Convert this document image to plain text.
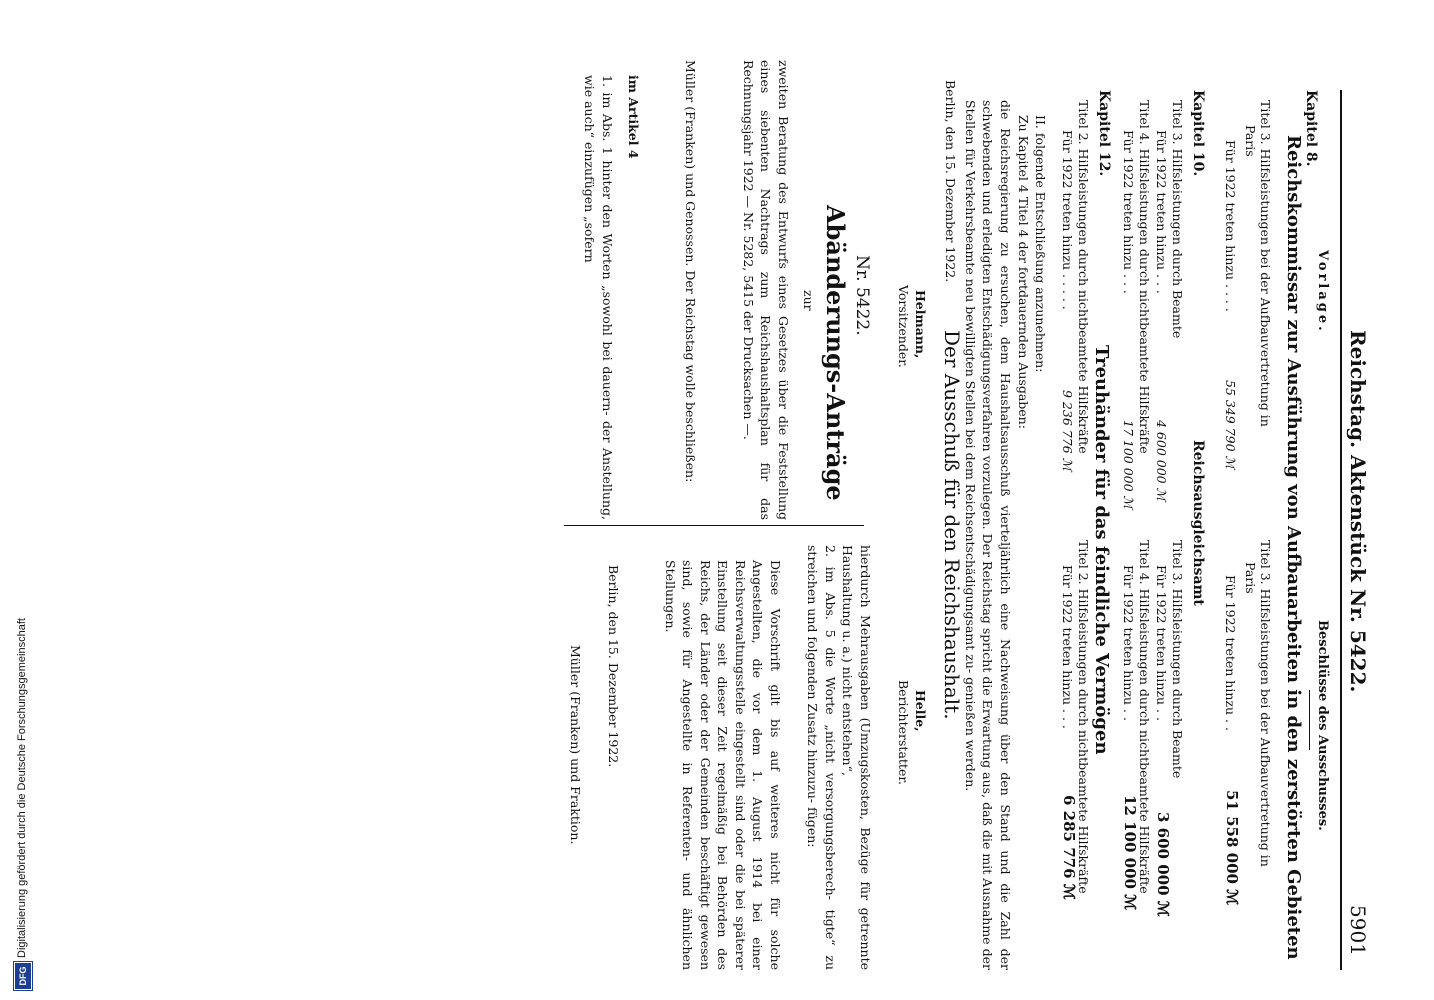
Reichstag. Aktenstück Nr. 5422.
5901
Vorlage.
Kapitel 8.
Reichskommissar zur Ausführung von Aufbauarbeiten in den zerstörten Gebieten
Titel 3. Hilfsleistungen bei der Aufbauvertretung in
Paris
Für 1922 treten hinzu . . . .
55 349 790 ℳ
Kapitel 10.
Titel 3. Hilfsleistungen durch Beamte
Für 1922 treten hinzu . . .
4 600 000 ℳ
Titel 4. Hilfsleistungen durch nichtbeamtete Hilfskräfte
Für 1922 treten hinzu . . .
17 100 000 ℳ
Kapitel 12.
Titel 2. Hilfsleistungen durch nichtbeamtete Hilfskräfte
Für 1922 treten hinzu . . . . .
9 236 776 ℳ
II. folgende Entschließung anzunehmen:
Zu Kapitel 4 Titel 4 der fortdauernden Ausgaben:
die Reichsregierung zu ersuchen, dem Haushaltsausschuß vierteljährlich eine Nachweisung über den Stand und die Zahl der schwebenden und erledigten Entschädigungsverfahren vorzulegen. Der Reichstag spricht die Erwartung aus, daß die mit Ausnahme der Stellen für Verkehrsbeamte neu bewilligten Stellen bei dem Reichsentschädigungsamt zu- genießen werden.
Berlin, den 15. Dezember 1922.
Helmann,
Vorsitzender.
Nr. 5422.
Abänderungs-Anträge
zur
zweiten Beratung des Entwurfs eines Gesetzes über die Feststellung eines siebenten Nachtrags zum Reichshaushaltsplan für das Rechnungsjahr 1922 — Nr. 5282, 5415 der Drucksachen —.
Müller (Franken) und Genossen. Der Reichstag wolle beschließen:
im Artikel 4
1. im Abs. 1 hinter den Worten „sowohl bei dauern- der Anstellung, wie auch“ einzufügen „sofern
Beschlüsse des Ausschusses.
Titel 3. Hilfsleistungen bei der Aufbauvertretung in
Paris
Für 1922 treten hinzu . .
51 558 000 ℳ
Reichsausgleichsamt
Titel 3. Hilfsleistungen durch Beamte
Für 1922 treten hinzu . .
3 600 000 ℳ
Titel 4. Hilfsleistungen durch nichtbeamtete Hilfskräfte
Für 1922 treten hinzu . .
12 100 000 ℳ
Treuhänder für das feindliche Vermögen
Titel 2. Hilfsleistungen durch nichtbeamtete Hilfskräfte
Für 1922 treten hinzu . . .
6 285 776 ℳ
Der Ausschuß für den Reichshaushalt.
Helle,
Berichterstatter.
hierdurch Mehrausgaben (Umzugskosten, Bezüge für getrennte Haushaltung u. a.) nicht entstehen“,
2. im Abs. 5 die Worte „nicht versorgungsberech- tigte“ zu streichen und folgenden Zusatz hinzuzu- fügen:
Diese Vorschrift gilt bis auf weiteres nicht für solche Angestellten, die vor dem 1. August 1914 bei einer Reichsverwaltungsstelle eingestellt sind oder die bei späterer Einstellung seit dieser Zeit regelmäßig bei Behörden des Reichs, der Länder oder der Gemeinden beschäftigt gewesen sind, sowie für Angestellte in Referenten- und ähnlichen Stellungen.
Berlin, den 15. Dezember 1922.
Müller (Franken) und Fraktion.
DFG
Digitalisierung gefördert durch die Deutsche Forschungsgemeinschaft
